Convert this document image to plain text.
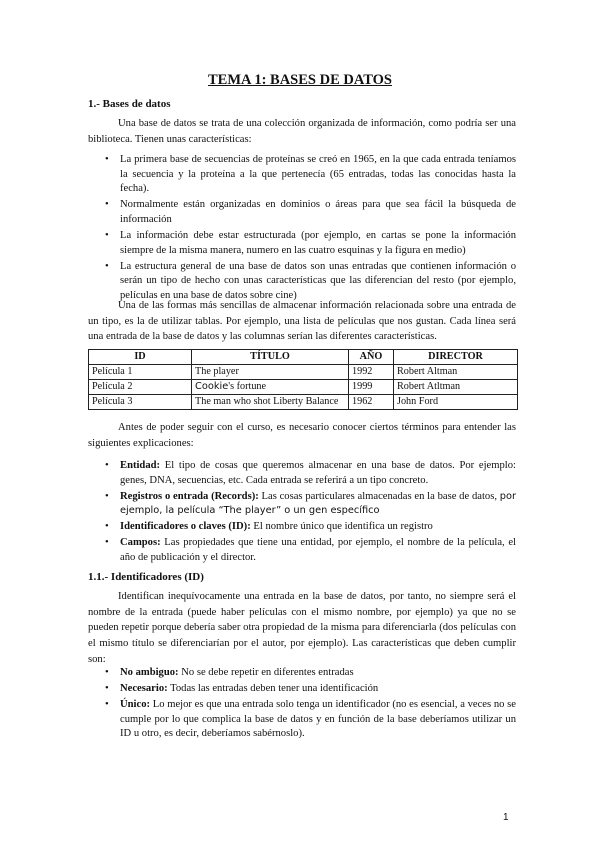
TEMA 1: BASES DE DATOS
1.- Bases de datos

Una base de datos se trata de una colección organizada de información, como podría ser una biblioteca. Tienen unas características:

• La primera base de secuencias de proteínas se creó en 1965, en la que cada entrada teníamos la secuencia y la proteína a la que pertenecía (65 entradas, todas las conocidas hasta la fecha).
• Normalmente están organizadas en dominios o áreas para que sea fácil la búsqueda de información
• La información debe estar estructurada (por ejemplo, en cartas se pone la información siempre de la misma manera, numero en las cuatro esquinas y la figura en medio)
• La estructura general de una base de datos son unas entradas que contienen información o serán un tipo de hecho con unas características que las diferencian del resto (por ejemplo, películas en una base de datos sobre cine)

Una de las formas más sencillas de almacenar información relacionada sobre una entrada de un tipo, es la de utilizar tablas. Por ejemplo, una lista de películas que nos gustan. Cada línea será una entrada de la base de datos y las columnas serían las diferentes características.

ID	TÍTULO	AÑO	DIRECTOR
Película 1	The player	1992	Robert Altman
Película 2	Cookie's fortune	1999	Robert Atltman
Película 3	The man who shot Liberty Balance	1962	John Ford

Antes de poder seguir con el curso, es necesario conocer ciertos términos para entender las siguientes explicaciones:

• Entidad: El tipo de cosas que queremos almacenar en una base de datos. Por ejemplo: genes, DNA, secuencias, etc. Cada entrada se referirá a un tipo concreto.
• Registros o entrada (Records): Las cosas particulares almacenadas en la base de datos, por ejemplo, la película “The player” o un gen específico
• Identificadores o claves (ID): El nombre único que identifica un registro
• Campos: Las propiedades que tiene una entidad, por ejemplo, el nombre de la película, el año de publicación y el director.
1.1.- Identificadores (ID)

Identifican inequívocamente una entrada en la base de datos, por tanto, no siempre será el nombre de la entrada (puede haber películas con el mismo nombre, por ejemplo) ya que no se pueden repetir porque debería saber otra propiedad de la misma para diferenciarla (dos películas con el mismo título se diferenciarían por el autor, por ejemplo). Las características que deben cumplir son:

• No ambiguo: No se debe repetir en diferentes entradas
• Necesario: Todas las entradas deben tener una identificación
• Único: Lo mejor es que una entrada solo tenga un identificador (no es esencial, a veces no se cumple por lo que complica la base de datos y en función de la base deberíamos utilizar un ID u otro, es decir, deberíamos sabérnoslo).
1
